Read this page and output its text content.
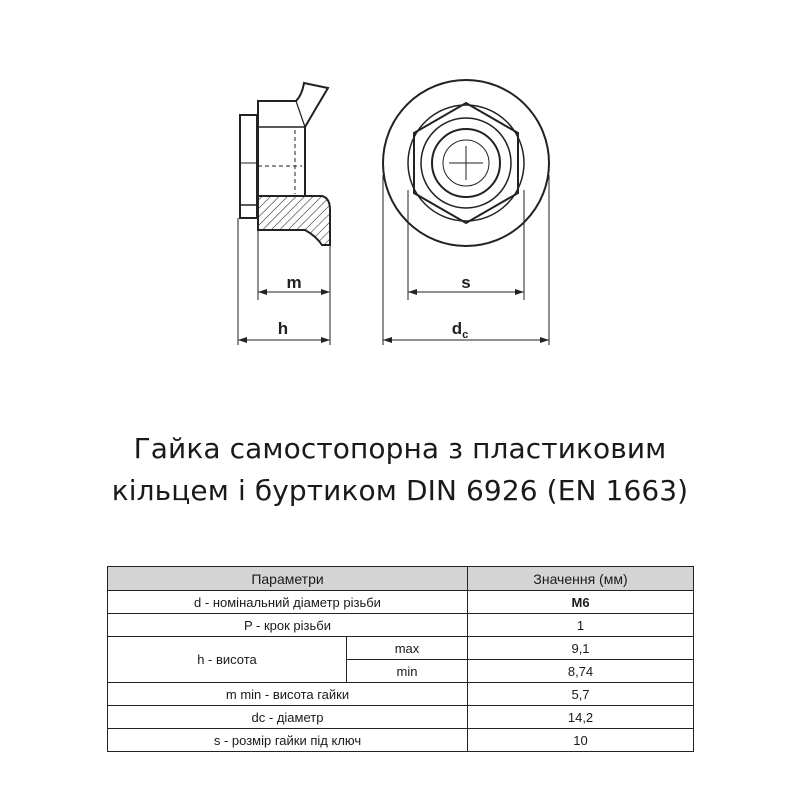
m
h
s
$d_c$
Гайка самостопорна з пластиковим
кільцем і буртиком DIN 6926 (EN 1663)
Параметри		Значення (мм)
d - номінальний діаметр різьби		M6
P - крок різьби		1
h - висота	max	9,1
	min	8,74
m min - висота гайки		5,7
dc - діаметр		14,2
s - розмір гайки під ключ		10
